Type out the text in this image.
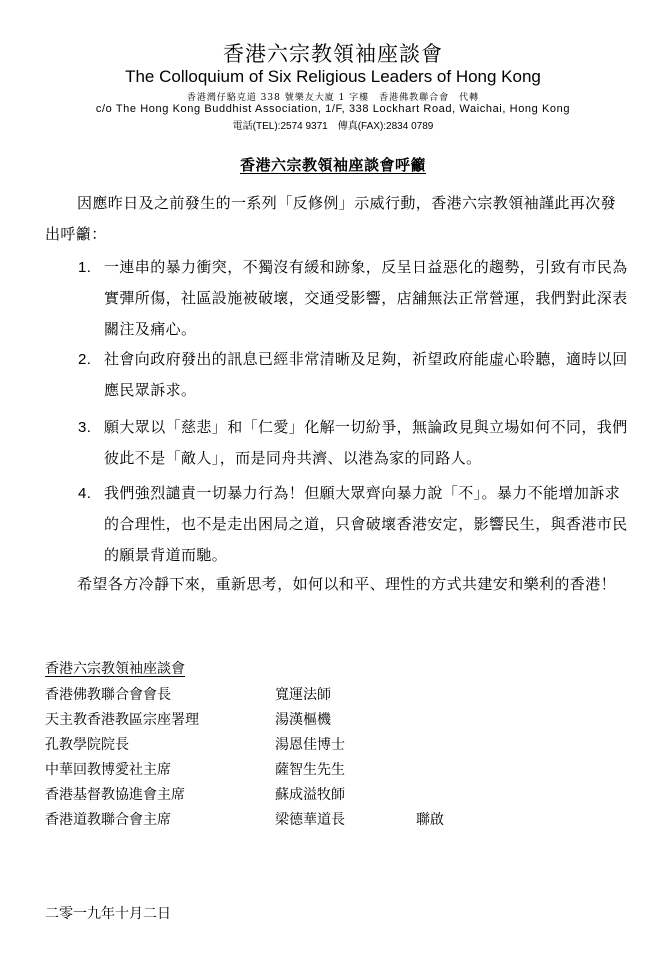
香港六宗教領袖座談會
The Colloquium of Six Religious Leaders of Hong Kong
香港灣仔駱克道 338 號樂友大廈 1 字樓　香港佛教聯合會　代轉
c/o The Hong Kong Buddhist Association, 1/F, 338 Lockhart Road, Waichai, Hong Kong
電話(TEL):2574 9371　傳真(FAX):2834 0789
香港六宗教領袖座談會呼籲
因應昨日及之前發生的一系列「反修例」示威行動，香港六宗教領袖謹此再次發出呼籲：
1. 一連串的暴力衝突，不獨沒有緩和跡象，反呈日益惡化的趨勢，引致有市民為實彈所傷，社區設施被破壞，交通受影響，店舖無法正常營運，我們對此深表關注及痛心。
2. 社會向政府發出的訊息已經非常清晰及足夠，祈望政府能虛心聆聽，適時以回應民眾訴求。
3. 願大眾以「慈悲」和「仁愛」化解一切紛爭，無論政見與立場如何不同，我們彼此不是「敵人」，而是同舟共濟、以港為家的同路人。
4. 我們強烈譴責一切暴力行為！但願大眾齊向暴力說「不」。暴力不能增加訴求的合理性，也不是走出困局之道，只會破壞香港安定，影響民生，與香港市民的願景背道而馳。
希望各方冷靜下來，重新思考，如何以和平、理性的方式共建安和樂利的香港！
香港六宗教領袖座談會
香港佛教聯合會會長	寬運法師
天主教香港教區宗座署理	湯漢樞機
孔教學院院長	湯恩佳博士
中華回教博愛社主席	薩智生先生
香港基督教協進會主席	蘇成溢牧師
香港道教聯合會主席	梁德華道長	聯啟
二零一九年十月二日
